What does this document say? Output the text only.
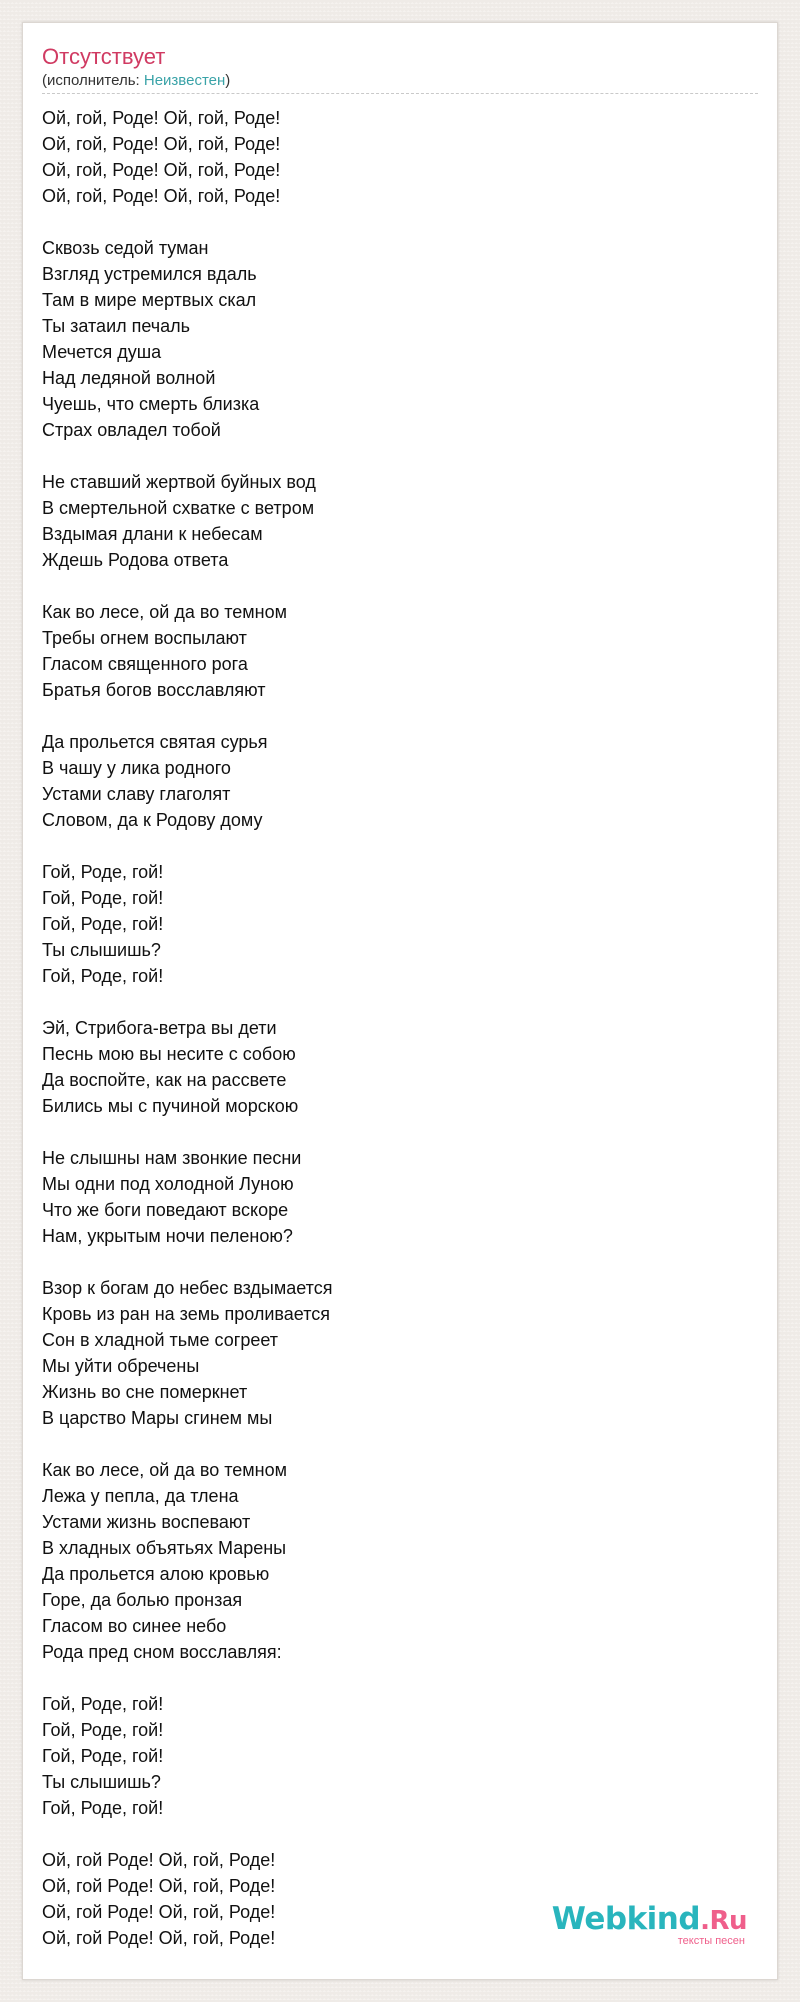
Отсутствует
(исполнитель: Неизвестен)
Ой, гой, Роде! Ой, гой, Роде!
Ой, гой, Роде! Ой, гой, Роде!
Ой, гой, Роде! Ой, гой, Роде!
Ой, гой, Роде! Ой, гой, Роде!
Сквозь седой туман
Взгляд устремился вдаль
Там в мире мертвых скал
Ты затаил печаль
Мечется душа
Над ледяной волной
Чуешь, что смерть близка
Страх овладел тобой
Не ставший жертвой буйных вод
В смертельной схватке с ветром
Вздымая длани к небесам
Ждешь Родова ответа
Как во лесе, ой да во темном
Требы огнем воспылают
Гласом священного рога
Братья богов восславляют
Да прольется святая сурья
В чашу у лика родного
Устами славу глаголят
Словом, да к Родову дому
Гой, Роде, гой!
Гой, Роде, гой!
Гой, Роде, гой!
Ты слышишь?
Гой, Роде, гой!
Эй, Стрибога-ветра вы дети
Песнь мою вы несите с собою
Да воспойте, как на рассвете
Бились мы с пучиной морскою
Не слышны нам звонкие песни
Мы одни под холодной Луною
Что же боги поведают вскоре
Нам, укрытым ночи пеленою?
Взор к богам до небес вздымается
Кровь из ран на земь проливается
Сон в хладной тьме согреет
Мы уйти обречены
Жизнь во сне померкнет
В царство Мары сгинем мы
Как во лесе, ой да во темном
Лежа у пепла, да тлена
Устами жизнь воспевают
В хладных объятьях Марены
Да прольется алою кровью
Горе, да болью пронзая
Гласом во синее небо
Рода пред сном восславляя:
Гой, Роде, гой!
Гой, Роде, гой!
Гой, Роде, гой!
Ты слышишь?
Гой, Роде, гой!
Ой, гой Роде! Ой, гой, Роде!
Ой, гой Роде! Ой, гой, Роде!
Ой, гой Роде! Ой, гой, Роде!
Ой, гой Роде! Ой, гой, Роде!
Webkind.Ru
тексты песен
